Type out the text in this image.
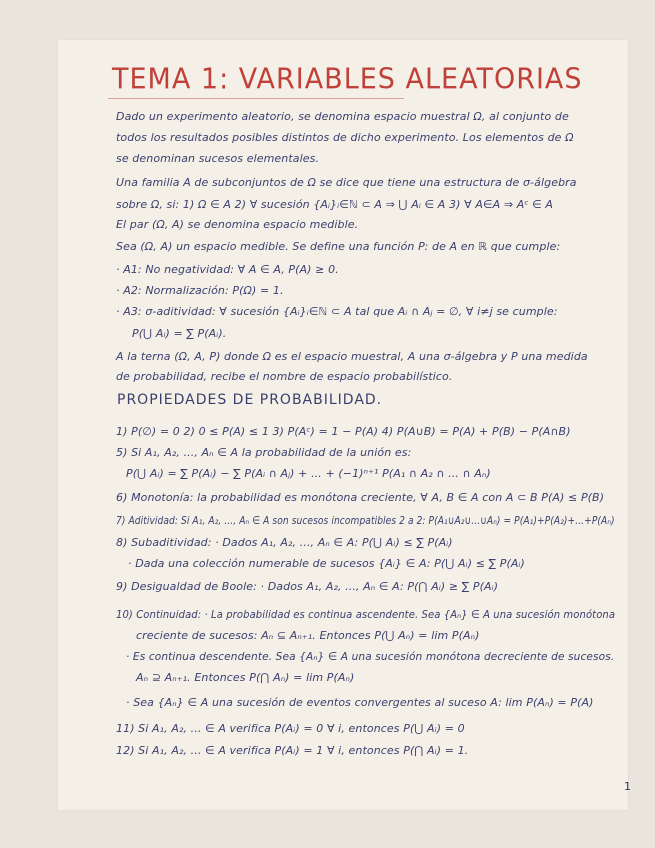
TEMA 1: VARIABLES ALEATORIAS
Dado un experimento aleatorio, se denomina espacio muestral Ω, al conjunto de
todos los resultados posibles distintos de dicho experimento. Los elementos de Ω
se denominan sucesos elementales.
Una familia A de subconjuntos de Ω se dice que tiene una estructura de σ-álgebra
sobre Ω, si: 1) Ω ∈ A 2) ∀ sucesión {Aᵢ}ᵢ∈ℕ ⊂ A ⇒ ⋃ Aᵢ ∈ A 3) ∀ A∈A ⇒ Aᶜ ∈ A
El par (Ω, A) se denomina espacio medible.
Sea (Ω, A) un espacio medible. Se define una función P: de A en ℝ que cumple:
· A1: No negatividad: ∀ A ∈ A, P(A) ≥ 0.
· A2: Normalización: P(Ω) = 1.
· A3: σ-aditividad: ∀ sucesión {Aᵢ}ᵢ∈ℕ ⊂ A tal que Aᵢ ∩ Aⱼ = ∅, ∀ i≠j se cumple:
P(⋃ Aᵢ) = ∑ P(Aᵢ).
A la terna (Ω, A, P) donde Ω es el espacio muestral, A una σ-álgebra y P una medida
de probabilidad, recibe el nombre de espacio probabilístico.
1) P(∅) = 0 2) 0 ≤ P(A) ≤ 1 3) P(Aᶜ) = 1 − P(A) 4) P(A∪B) = P(A) + P(B) − P(A∩B)
5) Si A₁, A₂, ..., Aₙ ∈ A la probabilidad de la unión es:
P(⋃ Aᵢ) = ∑ P(Aᵢ) − ∑ P(Aᵢ ∩ Aⱼ) + ... + (−1)ⁿ⁺¹ P(A₁ ∩ A₂ ∩ ... ∩ Aₙ)
6) Monotonía: la probabilidad es monótona creciente, ∀ A, B ∈ A con A ⊂ B P(A) ≤ P(B)
7) Aditividad: Si A₁, A₂, ..., Aₙ ∈ A son sucesos incompatibles 2 a 2: P(A₁∪A₂∪...∪Aₙ) = P(A₁)+P(A₂)+...+P(Aₙ)
8) Subaditividad: · Dados A₁, A₂, ..., Aₙ ∈ A: P(⋃ Aᵢ) ≤ ∑ P(Aᵢ)
· Dada una colección numerable de sucesos {Aᵢ} ∈ A: P(⋃ Aᵢ) ≤ ∑ P(Aᵢ)
9) Desigualdad de Boole: · Dados A₁, A₂, ..., Aₙ ∈ A: P(⋂ Aᵢ) ≥ ∑ P(Aᵢ)
10) Continuidad: · La probabilidad es continua ascendente. Sea {Aₙ} ∈ A una sucesión monótona
creciente de sucesos: Aₙ ⊆ Aₙ₊₁. Entonces P(⋃ Aₙ) = lim P(Aₙ)
· Es continua descendente. Sea {Aₙ} ∈ A una sucesión monótona decreciente de sucesos.
Aₙ ⊇ Aₙ₊₁. Entonces P(⋂ Aₙ) = lim P(Aₙ)
· Sea {Aₙ} ∈ A una sucesión de eventos convergentes al suceso A: lim P(Aₙ) = P(A)
11) Si A₁, A₂, ... ∈ A verifica P(Aᵢ) = 0 ∀ i, entonces P(⋃ Aᵢ) = 0
12) Si A₁, A₂, ... ∈ A verifica P(Aᵢ) = 1 ∀ i, entonces P(⋂ Aᵢ) = 1.
PROPIEDADES DE PROBABILIDAD.
1
